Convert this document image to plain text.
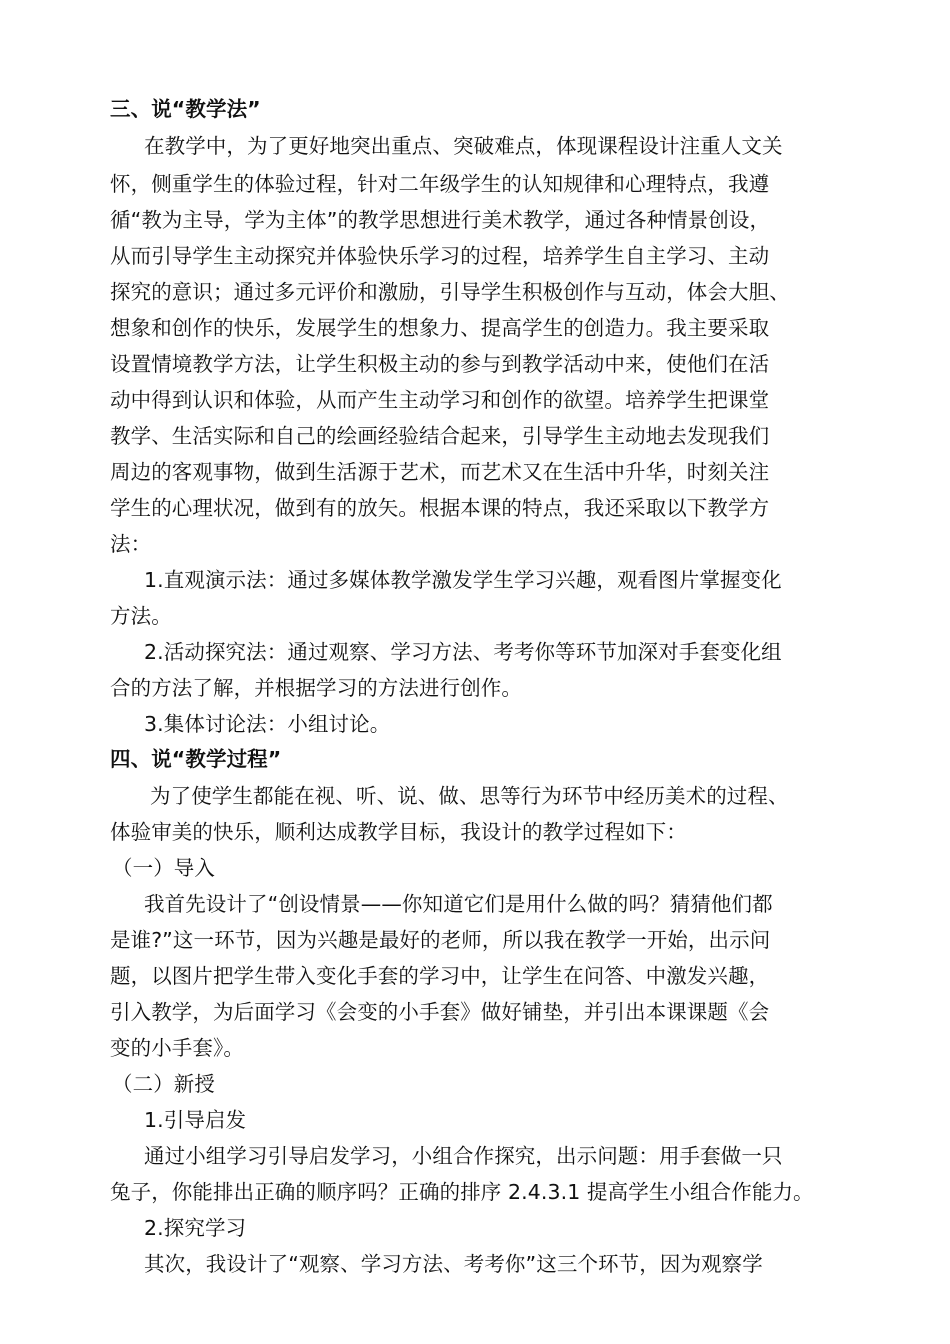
三、说“教学法”
在教学中，为了更好地突出重点、突破难点，体现课程设计注重人文关
怀，侧重学生的体验过程，针对二年级学生的认知规律和心理特点，我遵
循“教为主导，学为主体”的教学思想进行美术教学，通过各种情景创设，
从而引导学生主动探究并体验快乐学习的过程，培养学生自主学习、主动
探究的意识；通过多元评价和激励，引导学生积极创作与互动，体会大胆、
想象和创作的快乐，发展学生的想象力、提高学生的创造力。我主要采取
设置情境教学方法，让学生积极主动的参与到教学活动中来，使他们在活
动中得到认识和体验，从而产生主动学习和创作的欲望。培养学生把课堂
教学、生活实际和自己的绘画经验结合起来，引导学生主动地去发现我们
周边的客观事物，做到生活源于艺术，而艺术又在生活中升华，时刻关注
学生的心理状况，做到有的放矢。根据本课的特点，我还采取以下教学方
法：
1.直观演示法：通过多媒体教学激发学生学习兴趣，观看图片掌握变化
方法。
2.活动探究法：通过观察、学习方法、考考你等环节加深对手套变化组
合的方法了解，并根据学习的方法进行创作。
3.集体讨论法：小组讨论。
四、说“教学过程”
为了使学生都能在视、听、说、做、思等行为环节中经历美术的过程、
体验审美的快乐，顺利达成教学目标，我设计的教学过程如下：
（一）导入
我首先设计了“创设情景——你知道它们是用什么做的吗？猜猜他们都
是谁?”这一环节，因为兴趣是最好的老师，所以我在教学一开始，出示问
题，以图片把学生带入变化手套的学习中，让学生在问答、中激发兴趣，
引入教学，为后面学习《会变的小手套》做好铺垫，并引出本课课题《会
变的小手套》。
（二）新授
1.引导启发
通过小组学习引导启发学习，小组合作探究，出示问题：用手套做一只
兔子，你能排出正确的顺序吗？正确的排序 2.4.3.1 提高学生小组合作能力。
2.探究学习
其次，我设计了“观察、学习方法、考考你”这三个环节，因为观察学
